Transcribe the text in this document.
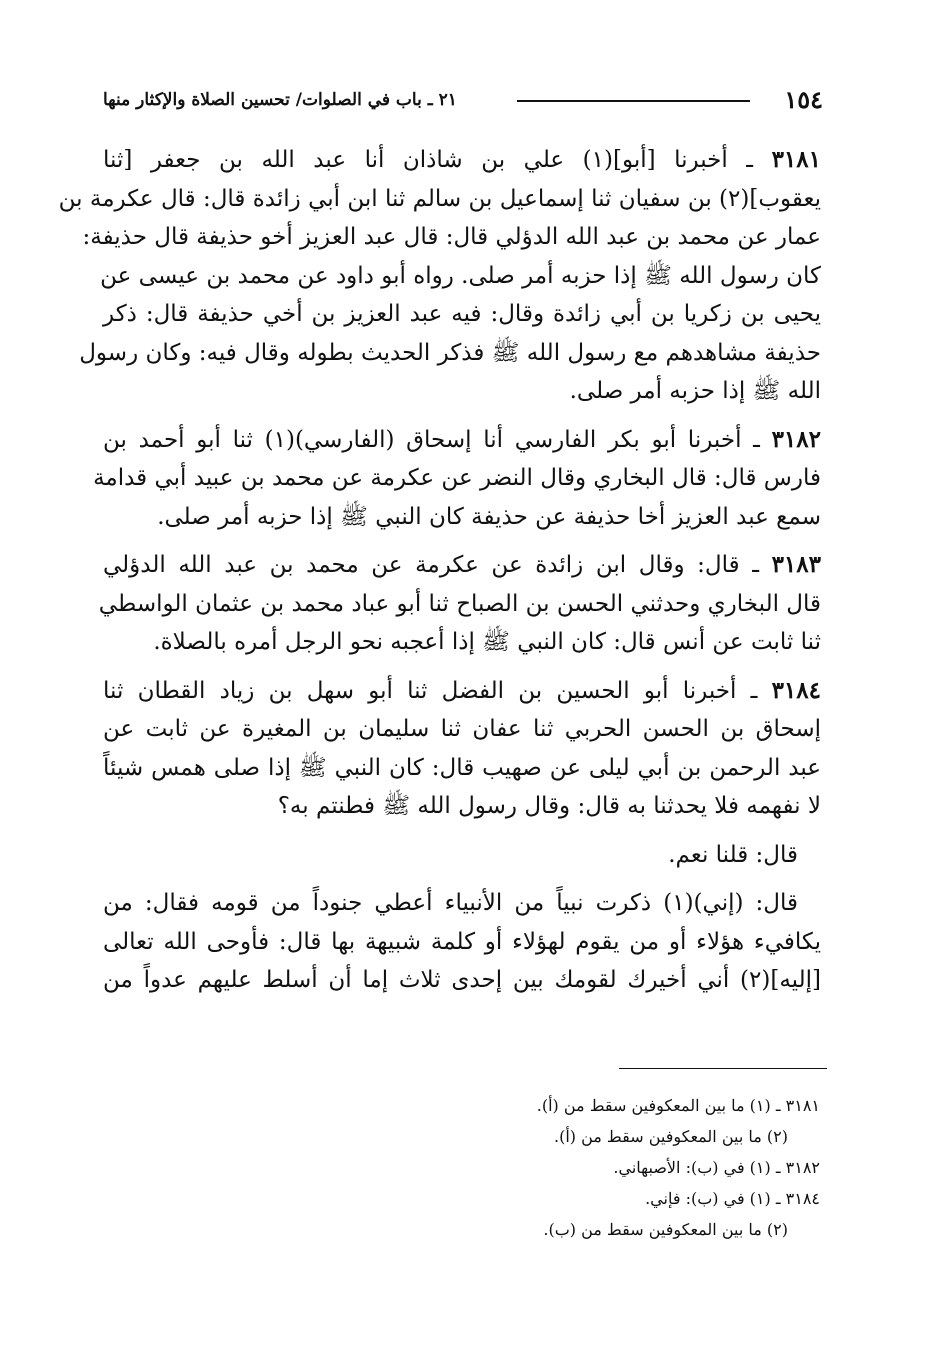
١٥٤
٢١ ـ باب في الصلوات/ تحسين الصلاة والإكثار منها

٣١٨١ ـ أخبرنا [أبو](١) علي بن شاذان أنا عبد الله بن جعفر [ثنا
يعقوب](٢) بن سفيان ثنا إسماعيل بن سالم ثنا ابن أبي زائدة قال: قال عكرمة بن
عمار عن محمد بن عبد الله الدؤلي قال: قال عبد العزيز أخو حذيفة قال حذيفة:
كان رسول الله ﷺ إذا حزبه أمر صلى. رواه أبو داود عن محمد بن عيسى عن
يحيى بن زكريا بن أبي زائدة وقال: فيه عبد العزيز بن أخي حذيفة قال: ذكر
حذيفة مشاهدهم مع رسول الله ﷺ فذكر الحديث بطوله وقال فيه: وكان رسول
الله ﷺ إذا حزبه أمر صلى.

٣١٨٢ ـ أخبرنا أبو بكر الفارسي أنا إسحاق (الفارسي)(١) ثنا أبو أحمد بن
فارس قال: قال البخاري وقال النضر عن عكرمة عن محمد بن عبيد أبي قدامة
سمع عبد العزيز أخا حذيفة عن حذيفة كان النبي ﷺ إذا حزبه أمر صلى.

٣١٨٣ ـ قال: وقال ابن زائدة عن عكرمة عن محمد بن عبد الله الدؤلي
قال البخاري وحدثني الحسن بن الصباح ثنا أبو عباد محمد بن عثمان الواسطي
ثنا ثابت عن أنس قال: كان النبي ﷺ إذا أعجبه نحو الرجل أمره بالصلاة.

٣١٨٤ ـ أخبرنا أبو الحسين بن الفضل ثنا أبو سهل بن زياد القطان ثنا
إسحاق بن الحسن الحربي ثنا عفان ثنا سليمان بن المغيرة عن ثابت عن
عبد الرحمن بن أبي ليلى عن صهيب قال: كان النبي ﷺ إذا صلى همس شيئاً
لا نفهمه فلا يحدثنا به قال: وقال رسول الله ﷺ فطنتم به؟

  قال: قلنا نعم.

  قال: (إني)(١) ذكرت نبياً من الأنبياء أعطي جنوداً من قومه فقال: من
يكافيء هؤلاء أو من يقوم لهؤلاء أو كلمة شبيهة بها قال: فأوحى الله تعالى
[إليه](٢) أني أخيرك لقومك بين إحدى ثلاث إما أن أسلط عليهم عدواً من

٣١٨١ ـ (١) ما بين المعكوفين سقط من (أ).
    (٢) ما بين المعكوفين سقط من (أ).
٣١٨٢ ـ (١) في (ب): الأصبهاني.
٣١٨٤ ـ (١) في (ب): فإني.
    (٢) ما بين المعكوفين سقط من (ب).
